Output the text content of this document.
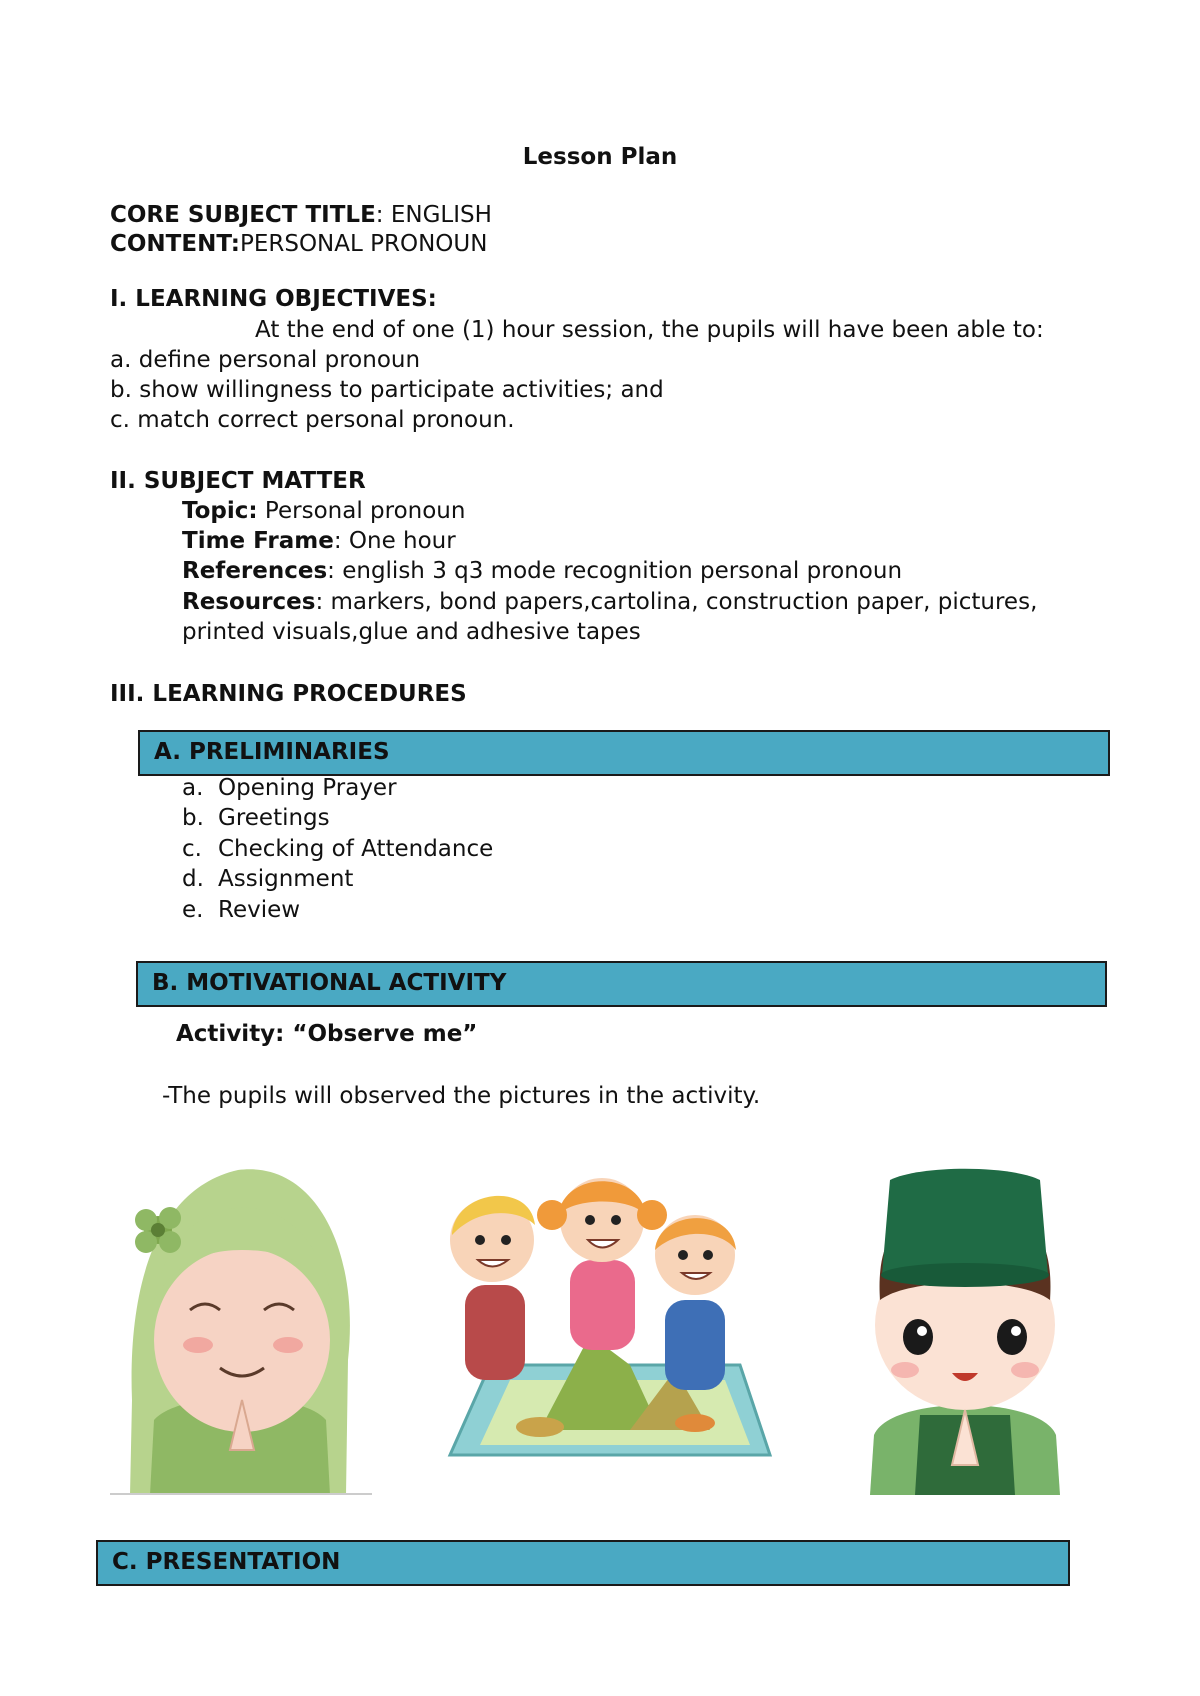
Lesson Plan
CORE SUBJECT TITLE: ENGLISH
CONTENT:PERSONAL PRONOUN
I. LEARNING OBJECTIVES:
At the end of one (1) hour session, the pupils will have been able to:
a. define personal pronoun
b. show willingness to participate activities; and
c. match correct personal pronoun.
II. SUBJECT MATTER
Topic: Personal pronoun
Time Frame: One hour
References: english 3 q3 mode recognition personal pronoun
Resources: markers, bond papers,cartolina, construction paper, pictures,
printed visuals,glue and adhesive tapes
III. LEARNING PROCEDURES
A. PRELIMINARIES
a. Opening Prayer
b. Greetings
c. Checking of Attendance
d. Assignment
e. Review
B. MOTIVATIONAL ACTIVITY
Activity: “Observe me”
-The pupils will observed the pictures in the activity.
C. PRESENTATION
